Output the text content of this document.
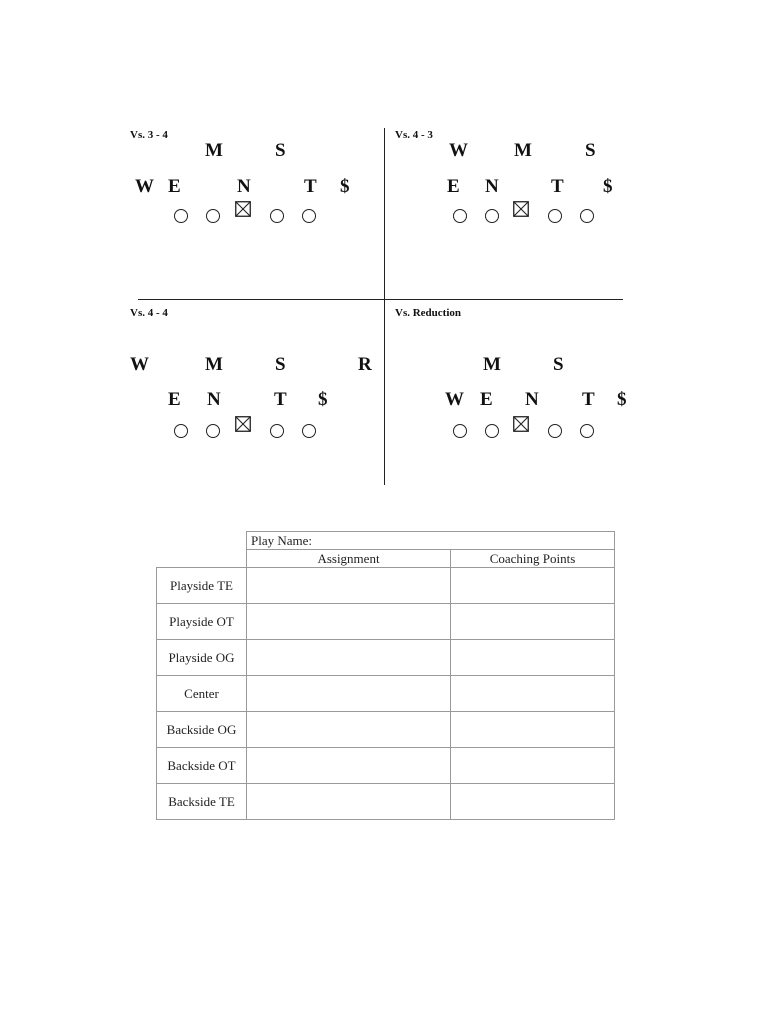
Vs. 3 - 4	Vs. 4 - 3
Vs. 4 - 4	Vs. Reduction
M	S
W E	N	T $
W M	S
E N	T $
W	M	S	R
E N	T $
M	S
W E N T $
	Play Name:	
	Assignment	Coaching Points
Playside TE		
Playside OT		
Playside OG		
Center		
Backside OG		
Backside OT		
Backside TE		
